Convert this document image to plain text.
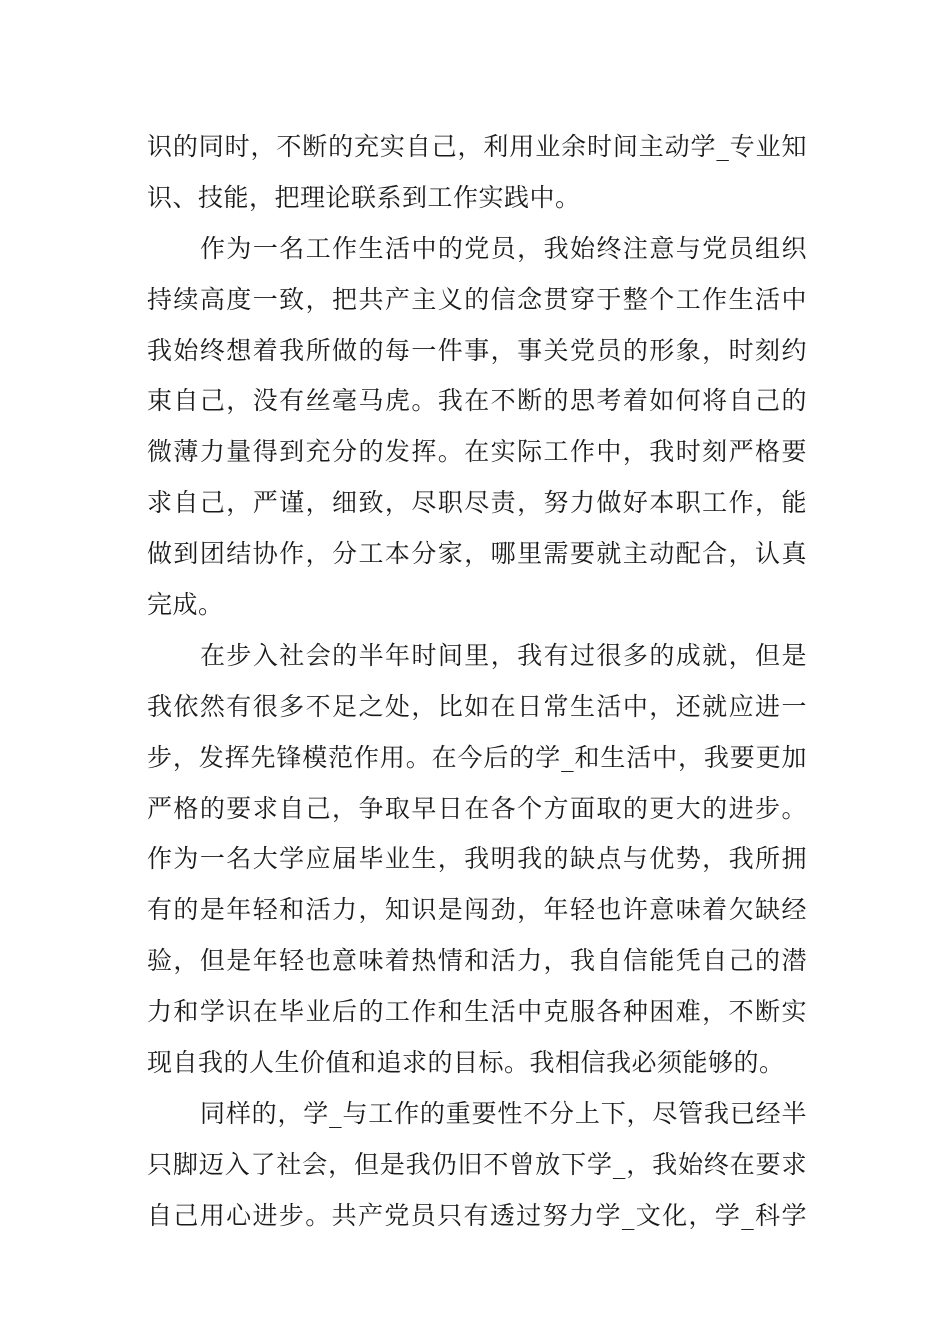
识的同时，不断的充实自己，利用业余时间主动学_专业知
识、技能，把理论联系到工作实践中。
作为一名工作生活中的党员，我始终注意与党员组织
持续高度一致，把共产主义的信念贯穿于整个工作生活中
我始终想着我所做的每一件事，事关党员的形象，时刻约
束自己，没有丝毫马虎。我在不断的思考着如何将自己的
微薄力量得到充分的发挥。在实际工作中，我时刻严格要
求自己，严谨，细致，尽职尽责，努力做好本职工作，能
做到团结协作，分工本分家，哪里需要就主动配合，认真
完成。
在步入社会的半年时间里，我有过很多的成就，但是
我依然有很多不足之处，比如在日常生活中，还就应进一
步，发挥先锋模范作用。在今后的学_和生活中，我要更加
严格的要求自己，争取早日在各个方面取的更大的进步。
作为一名大学应届毕业生，我明我的缺点与优势，我所拥
有的是年轻和活力，知识是闯劲，年轻也许意味着欠缺经
验，但是年轻也意味着热情和活力，我自信能凭自己的潜
力和学识在毕业后的工作和生活中克服各种困难，不断实
现自我的人生价值和追求的目标。我相信我必须能够的。
同样的，学_与工作的重要性不分上下，尽管我已经半
只脚迈入了社会，但是我仍旧不曾放下学_，我始终在要求
自己用心进步。共产党员只有透过努力学_文化，学_科学
